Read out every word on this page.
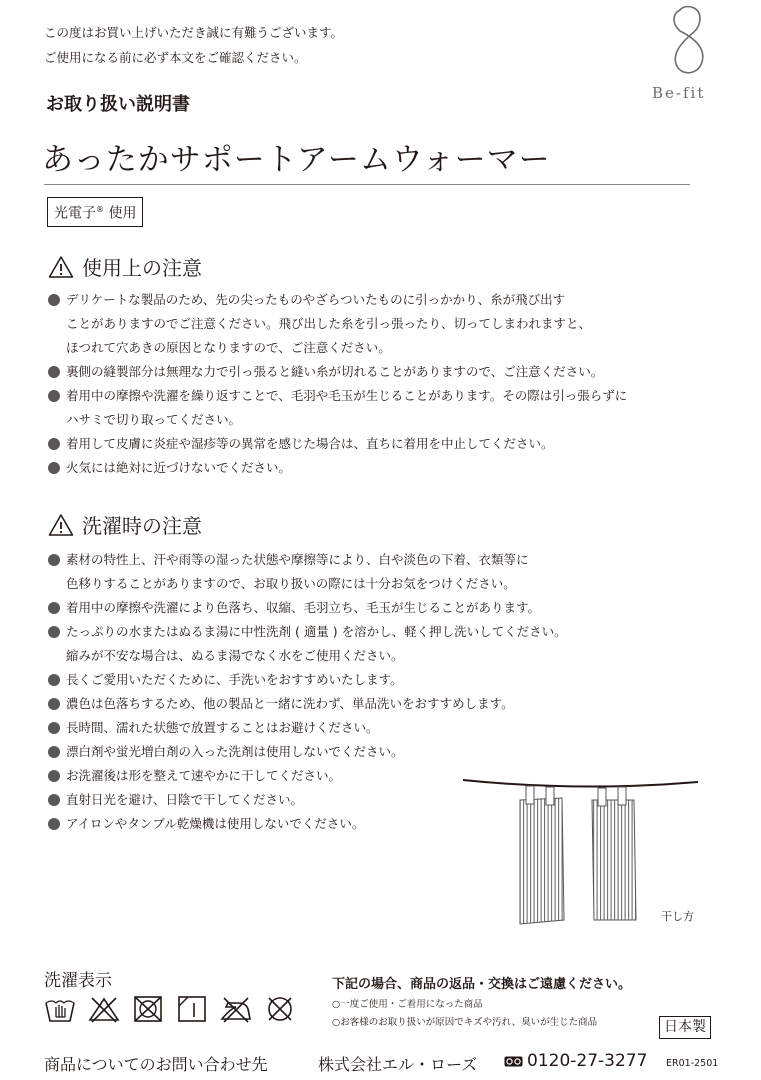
この度はお買い上げいただき誠に有難うございます。
ご使用になる前に必ず本文をご確認ください。
Be-fit
お取り扱い説明書
あったかサポートアームウォーマー
光電子® 使用
使用上の注意
デリケートな製品のため、先の尖ったものやざらついたものに引っかかり、糸が飛び出す
ことがありますのでご注意ください。飛び出した糸を引っ張ったり、切ってしまわれますと、
ほつれて穴あきの原因となりますので、ご注意ください。
裏側の縫製部分は無理な力で引っ張ると縫い糸が切れることがありますので、ご注意ください。
着用中の摩擦や洗濯を繰り返すことで、毛羽や毛玉が生じることがあります。その際は引っ張らずに
ハサミで切り取ってください。
着用して皮膚に炎症や湿疹等の異常を感じた場合は、直ちに着用を中止してください。
火気には絶対に近づけないでください。
洗濯時の注意
素材の特性上、汗や雨等の湿った状態や摩擦等により、白や淡色の下着、衣類等に
色移りすることがありますので、お取り扱いの際には十分お気をつけください。
着用中の摩擦や洗濯により色落ち、収縮、毛羽立ち、毛玉が生じることがあります。
たっぷりの水またはぬるま湯に中性洗剤 ( 適量 ) を溶かし、軽く押し洗いしてください。
縮みが不安な場合は、ぬるま湯でなく水をご使用ください。
長くご愛用いただくために、手洗いをおすすめいたします。
濃色は色落ちするため、他の製品と一緒に洗わず、単品洗いをおすすめします。
長時間、濡れた状態で放置することはお避けください。
漂白剤や蛍光増白剤の入った洗剤は使用しないでください。
お洗濯後は形を整えて速やかに干してください。
直射日光を避け、日陰で干してください。
アイロンやタンブル乾燥機は使用しないでください。
干し方
洗濯表示	下記の場合、商品の返品・交換はご遠慮ください。
○一度ご使用・ご着用になった商品
○お客様のお取り扱いが原因でキズや汚れ、臭いが生じた商品	日本製
商品についてのお問い合わせ先	株式会社エル・ローズ	0120-27-3277 ER01-2501
